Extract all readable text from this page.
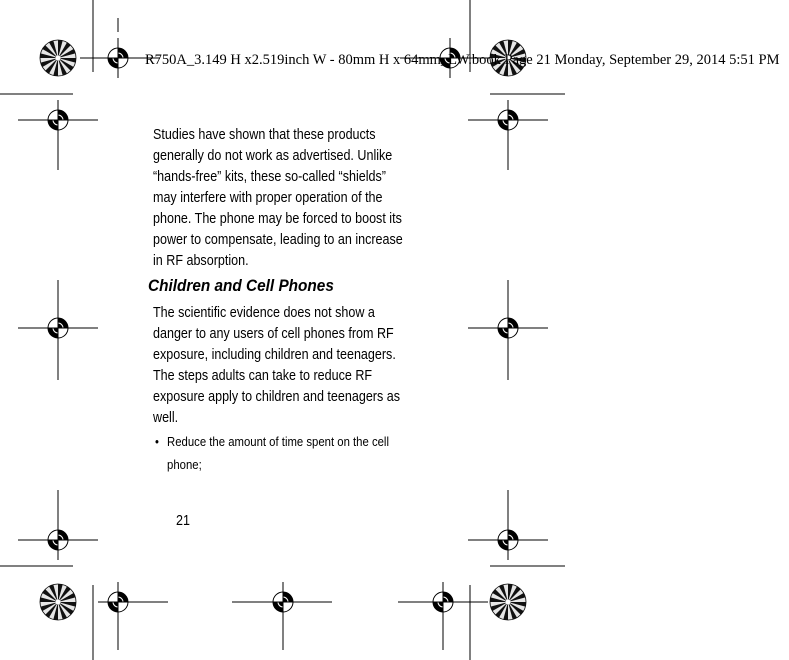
R750A_3.149 H x2.519inch W - 80mm H x 64mm_LW.book Page 21 Monday, September 29, 2014 5:51 PM
Studies have shown that these products
generally do not work as advertised. Unlike
“hands-free” kits, these so-called “shields”
may interfere with proper operation of the
phone. The phone may be forced to boost its
power to compensate, leading to an increase
in RF absorption.
Children and Cell Phones
The scientific evidence does not show a
danger to any users of cell phones from RF
exposure, including children and teenagers.
The steps adults can take to reduce RF
exposure apply to children and teenagers as
well.
• Reduce the amount of time spent on the cell
phone;
21
